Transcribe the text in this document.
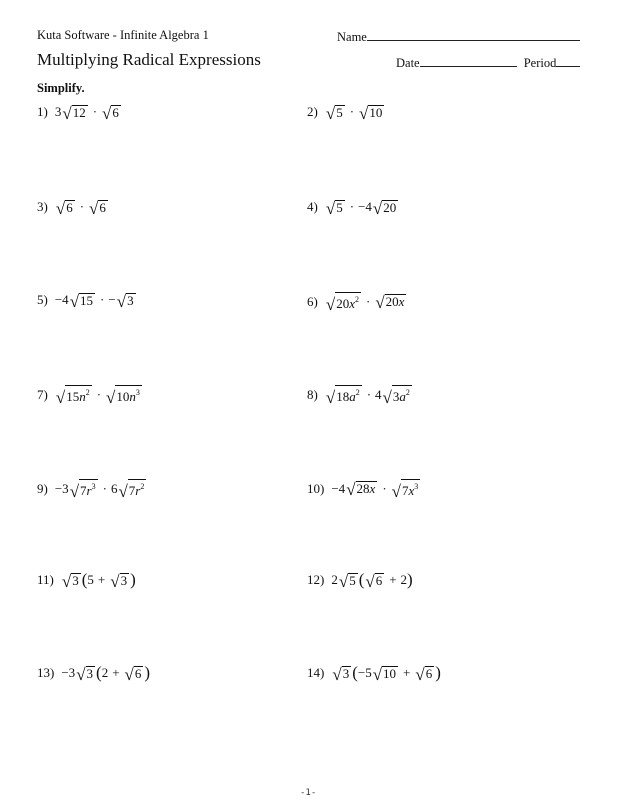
Kuta Software - Infinite Algebra 1	Name
Multiplying Radical Expressions	Date	Period
Simplify.
1) 3 √ 12 · √ 6
3) √ 6 · √ 6
5) −4 √ 15 · − √ 3
7) √ $15n^2$ · √ $10n^3$
9) −3 √ $7r^3 \cdot 6$ √ $7r^2$
11) √ 3 ( 5 + √ 3 )
13) −3 √ 3 ( 2 + √ 6 )
2) √ 5 · √ 10
4) √ 5 · −4 √ 20
6) √ $20x^2$ · √ 20x
8) √ $18a^2 \cdot 4$ √ $3a^2$
10) −4 √ 28x · √ $7x^3$
12) 2 √ 5 ( √ 6 + 2 )
14) √ 3 ( −5 √ 10 + √ 6 )
-1-
